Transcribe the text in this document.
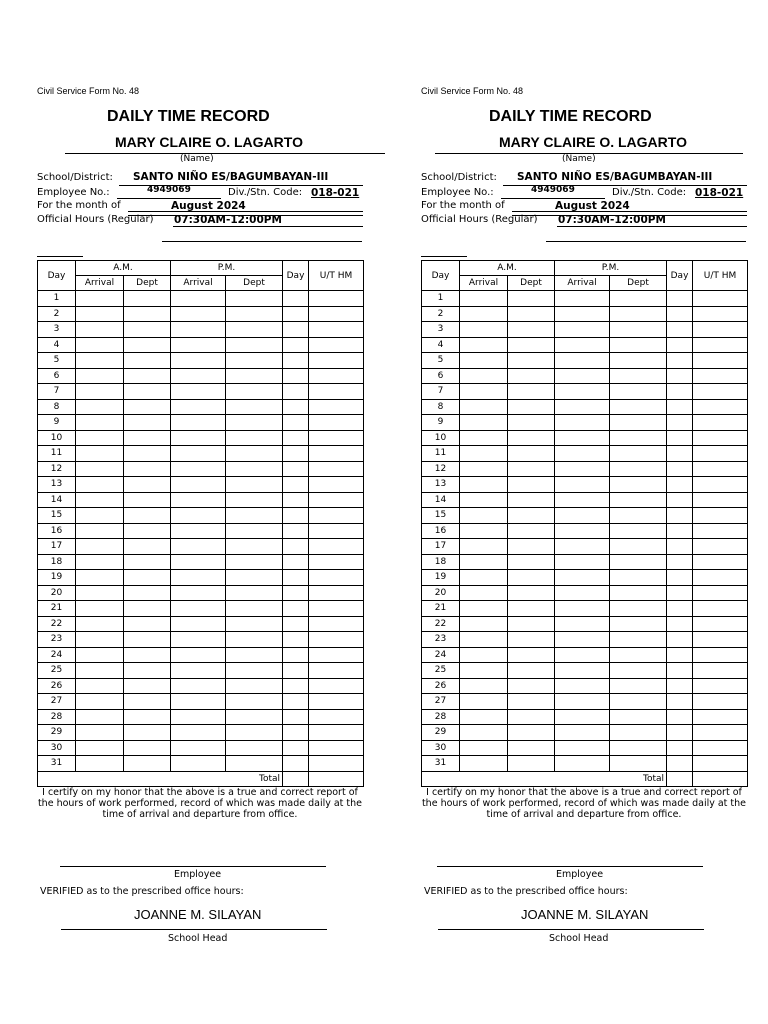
Civil Service Form No. 48
DAILY TIME RECORD
MARY CLAIRE O. LAGARTO
(Name)
School/District: SANTO NIÑO ES/BAGUMBAYAN-III
Employee No.:	4949069	Div./Stn. Code: 018-021
For the month of	August 2024
Official Hours (Regular) 07:30AM-12:00PM
Day	A.M.		P.M.		Day	U/T HM
	Arrival	Dept	Arrival	Dept		
1						
2						
3						
4						
5						
6						
7						
8						
9						
10						
11						
12						
13						
14						
15						
16						
17						
18						
19						
20						
21						
22						
23						
24						
25						
26						
27						
28						
29						
30						
31						
Total						
I certify on my honor that the above is a true and correct report of the hours of work performed, record of which was made daily at the time of arrival and departure from office.
Employee
VERIFIED as to the prescribed office hours:
JOANNE M. SILAYAN
School Head
Civil Service Form No. 48
DAILY TIME RECORD
MARY CLAIRE O. LAGARTO
(Name)
School/District: SANTO NIÑO ES/BAGUMBAYAN-III
Employee No.:	4949069	Div./Stn. Code: 018-021
For the month of	August 2024
Official Hours (Regular) 07:30AM-12:00PM
Day	A.M.		P.M.		Day	U/T HM
	Arrival	Dept	Arrival	Dept		
1						
2						
3						
4						
5						
6						
7						
8						
9						
10						
11						
12						
13						
14						
15						
16						
17						
18						
19						
20						
21						
22						
23						
24						
25						
26						
27						
28						
29						
30						
31						
Total						
I certify on my honor that the above is a true and correct report of the hours of work performed, record of which was made daily at the time of arrival and departure from office.
Employee
VERIFIED as to the prescribed office hours:
JOANNE M. SILAYAN
School Head
